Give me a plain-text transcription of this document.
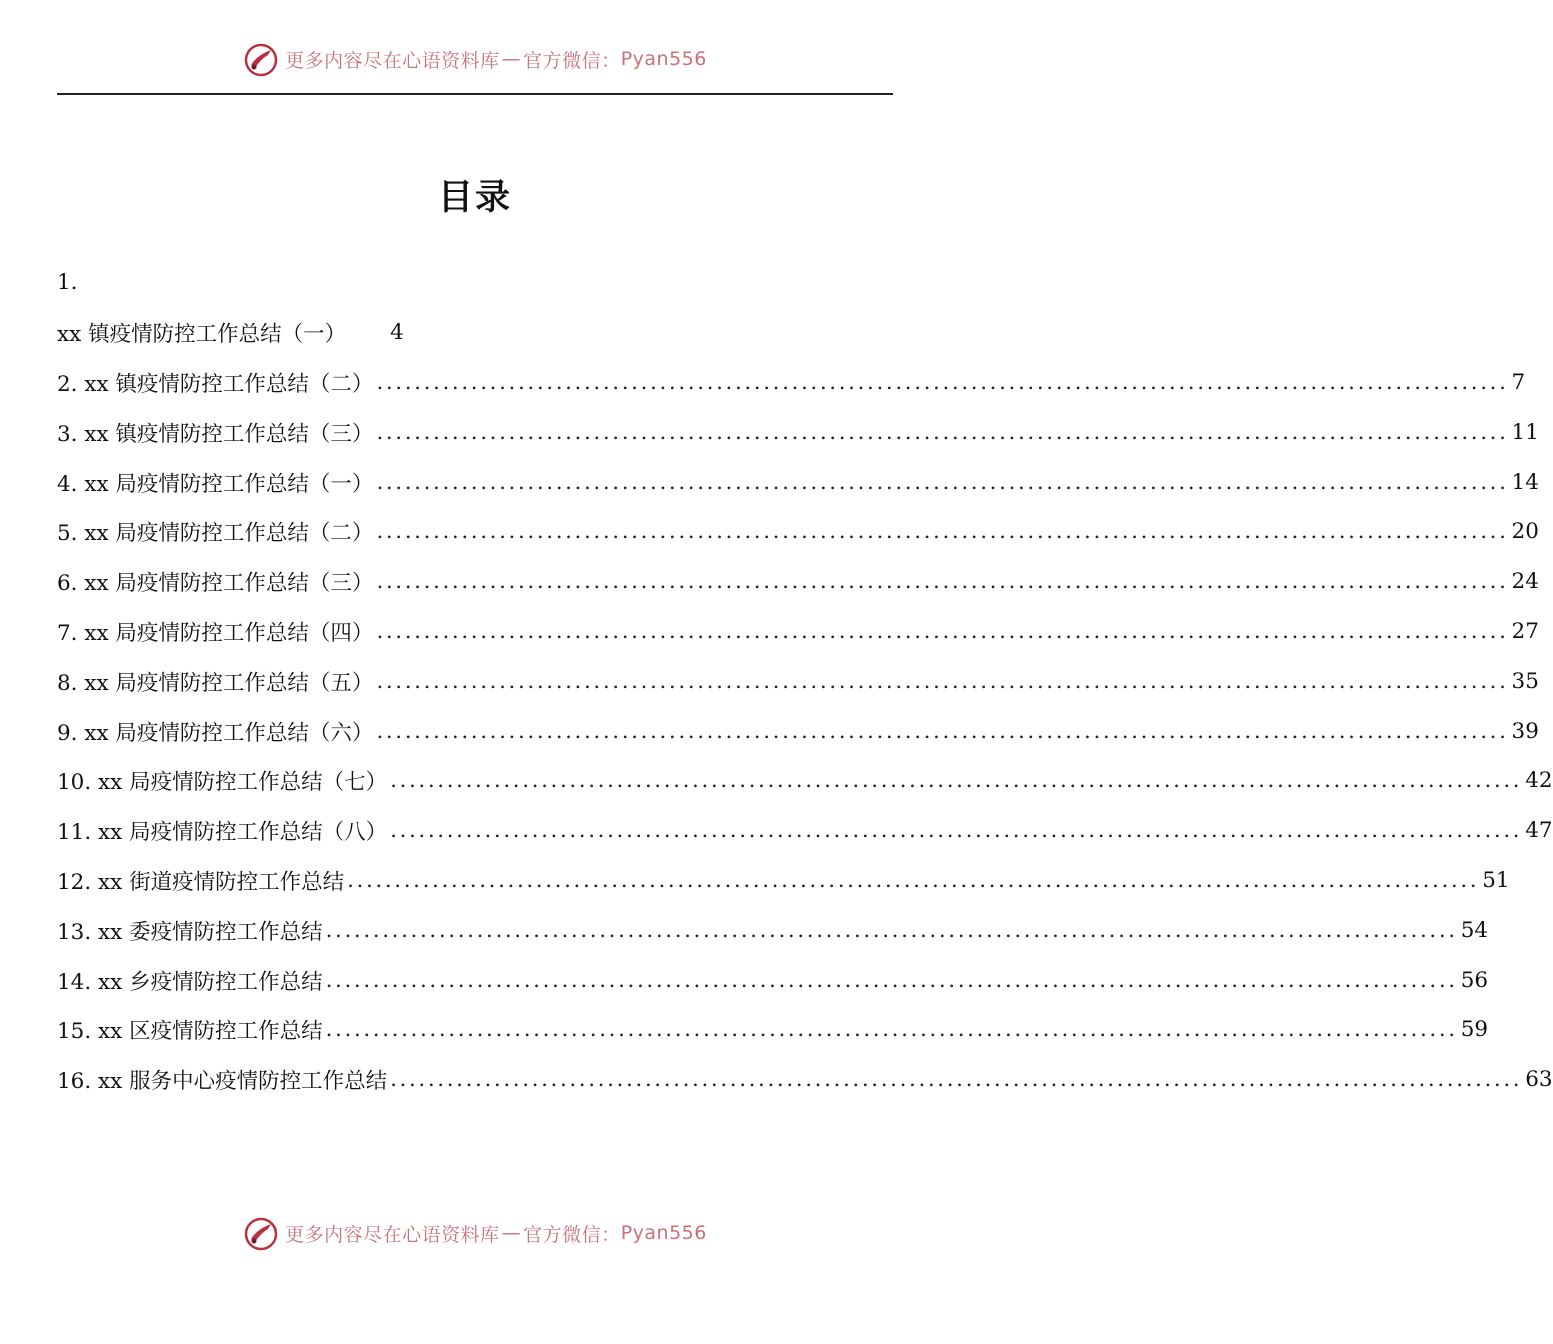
更多内容尽在心语资料库 — 官方微信： Pyan556
目录
1.
xx 镇疫情防控工作总结（一） 4
2. xx 镇疫情防控工作总结（二） ........................................................................................................................ 7
3. xx 镇疫情防控工作总结（三） ........................................................................................................................ 11
4. xx 局疫情防控工作总结（一） ........................................................................................................................ 14
5. xx 局疫情防控工作总结（二） ........................................................................................................................ 20
6. xx 局疫情防控工作总结（三） ........................................................................................................................ 24
7. xx 局疫情防控工作总结（四） ........................................................................................................................ 27
8. xx 局疫情防控工作总结（五） ........................................................................................................................ 35
9. xx 局疫情防控工作总结（六） ........................................................................................................................ 39
10. xx 局疫情防控工作总结（七） ........................................................................................................................ 42
11. xx 局疫情防控工作总结（八） ........................................................................................................................ 47
12. xx 街道疫情防控工作总结 ........................................................................................................................ 51
13. xx 委疫情防控工作总结 ........................................................................................................................ 54
14. xx 乡疫情防控工作总结 ........................................................................................................................ 56
15. xx 区疫情防控工作总结 ........................................................................................................................ 59
16. xx 服务中心疫情防控工作总结 ........................................................................................................................ 63
更多内容尽在心语资料库 — 官方微信： Pyan556
